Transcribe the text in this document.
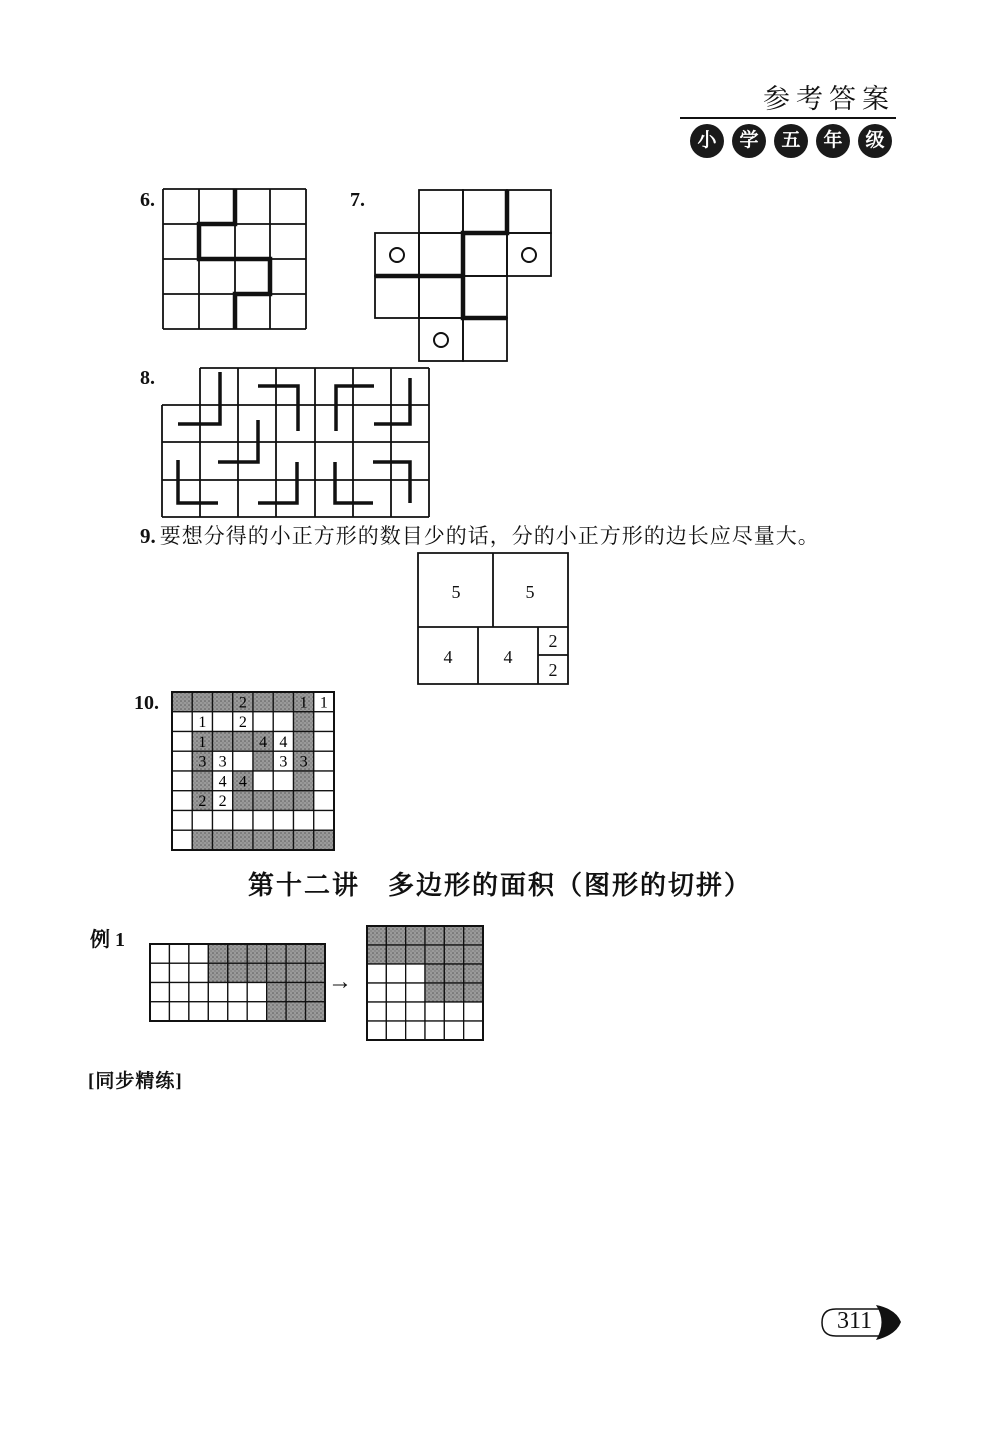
5	5
4	4
2
2
2	1 1
1 2
1	4 4
3 3	3 3
4 4
2 2
参考答案
小	学	五	年	级
6.	7.
8.
9. 要想分得的小正方形的数目少的话，分的小正方形的边长应尽量大。
10.
第十二讲　多边形的面积（图形的切拼）
例 1
→
[同步精练]
311
